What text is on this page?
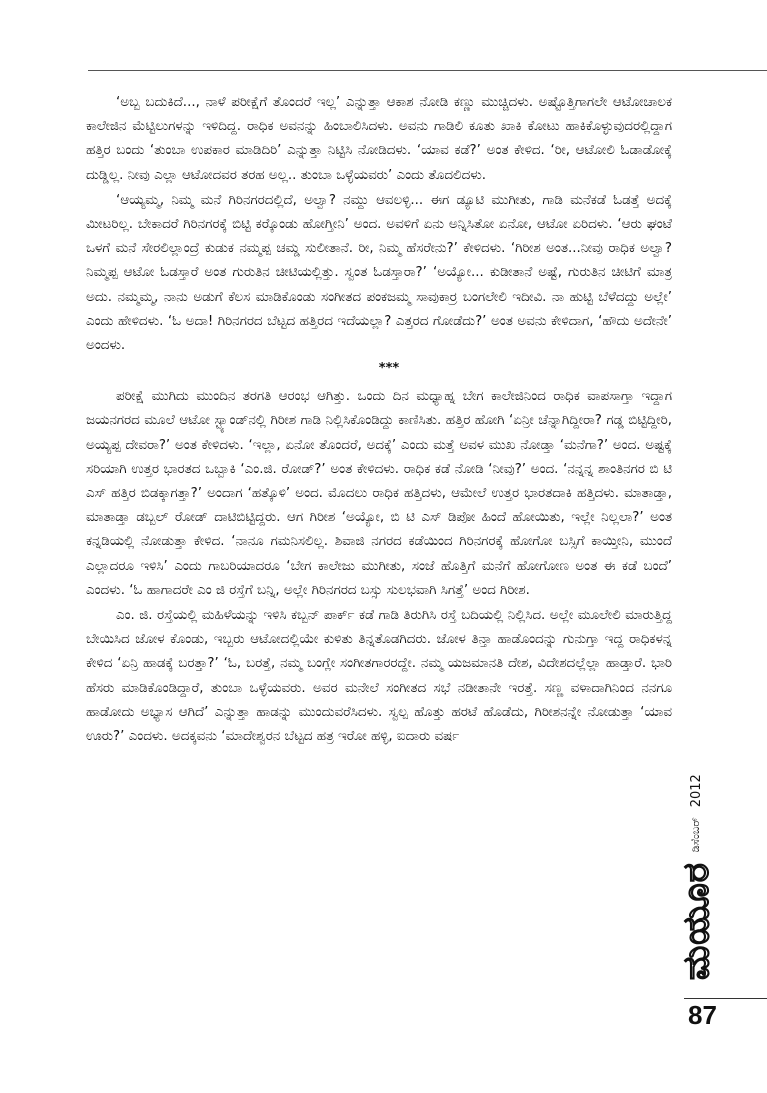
‘ಅಬ್ಬ ಬದುಕಿದೆ..., ನಾಳೆ ಪರೀಕ್ಷೆಗೆ ತೊಂದರೆ ಇಲ್ಲ’ ಎನ್ನುತ್ತಾ ಆಕಾಶ ನೋಡಿ ಕಣ್ಣು ಮುಚ್ಚಿದಳು. ಅಷ್ಟೊತ್ತಿಗಾಗಲೇ ಆಟೋಚಾಲಕ ಕಾಲೇಜಿನ ಮೆಟ್ಟಿಲುಗಳನ್ನು ಇಳಿದಿದ್ದ. ರಾಧಿಕ ಅವನನ್ನು ಹಿಂಬಾಲಿಸಿದಳು. ಅವನು ಗಾಡಿಲಿ ಕೂತು ಖಾಕಿ ಕೋಟು ಹಾಕಿಕೊಳ್ಳುವುದರಲ್ಲಿದ್ದಾಗ ಹತ್ತಿರ ಬಂದು ‘ತುಂಬಾ ಉಪಕಾರ ಮಾಡಿದಿರಿ’ ಎನ್ನುತ್ತಾ ನಿಟ್ಟಿಸಿ ನೋಡಿದಳು. ‘ಯಾವ ಕಡೆ?’ ಅಂತ ಕೇಳಿದ. ‘ರೀ, ಆಟೋಲಿ ಓಡಾಡೋಕ್ಕೆ ದುಡ್ಡಿಲ್ಲ. ನೀವು ಎಲ್ಲಾ ಆಟೋದವರ ತರಹ ಅಲ್ಲ.. ತುಂಬಾ ಒಳ್ಳೆಯವರು’ ಎಂದು ತೊದಲಿದಳು.

‘ಆಯ್ಯಮ್ಮ, ನಿಮ್ಮ ಮನೆ ಗಿರಿನಗರದಲ್ಲಿದೆ, ಅಲ್ವಾ? ನಮ್ದು ಆವಲಳ್ಳಿ... ಈಗ ಡ್ಯೂಟಿ ಮುಗೀತು, ಗಾಡಿ ಮನೆಕಡೆ ಓಡತ್ತೆ ಅದಕ್ಕೆ ಮೀಟರಿಲ್ಲ. ಬೇಕಾದರೆ ಗಿರಿನಗರಕ್ಕೆ ಬಿಟ್ಟಿ ಕರ್‍ಕೊಂಡು ಹೋಗ್ತೀನಿ’ ಅಂದ. ಅವಳಿಗೆ ಏನು ಅನ್ನಿಸಿತೋ ಏನೋ, ಆಟೋ ಏರಿದಳು. ‘ಆರು ಘಂಟೆ ಒಳಗೆ ಮನೆ ಸೇರಲಿಲ್ಲಾಂದ್ರೆ ಕುಡುಕ ನಮ್ಮಪ್ಪ ಚಮ್ಡ ಸುಲೀತಾನೆ. ರೀ, ನಿಮ್ಮ ಹೆಸರೇನು?’ ಕೇಳಿದಳು. ‘ಗಿರೀಶ ಅಂತ...ನೀವು ರಾಧಿಕ ಅಲ್ವಾ? ನಿಮ್ಮಪ್ಪ ಆಟೋ ಓಡಸ್ತಾರೆ ಅಂತ ಗುರುತಿನ ಚೀಟಿಯಲ್ಲಿತ್ತು. ಸ್ವಂತ ಓಡಸ್ತಾರಾ?’ ‘ಅಯ್ಯೋ... ಕುಡೀತಾನೆ ಅಷ್ಟೆ, ಗುರುತಿನ ಚೀಟಿಗೆ ಮಾತ್ರ ಅದು. ನಮ್ಮಮ್ಮ, ನಾನು ಅಡುಗೆ ಕೆಲಸ ಮಾಡಿಕೊಂಡು ಸಂಗೀತದ ಪಂಕಜಮ್ಮ ಸಾವುಕಾರ್ರ ಬಂಗಲೇಲಿ ಇದೀವಿ. ನಾ ಹುಟ್ಟಿ ಬೆಳೆದದ್ದು ಅಲ್ಲೇ’ ಎಂದು ಹೇಳಿದಳು. ‘ಓ ಅದಾ! ಗಿರಿನಗರದ ಬೆಟ್ಟದ ಹತ್ತಿರದ ಇದೆಯಲ್ಲಾ? ಎತ್ತರದ ಗೋಡೆದು?’ ಅಂತ ಅವನು ಕೇಳಿದಾಗ, ‘ಹೌದು ಅದೇನೇ’ ಅಂದಳು.

***

ಪರೀಕ್ಷೆ ಮುಗಿದು ಮುಂದಿನ ತರಗತಿ ಆರಂಭ ಆಗಿತ್ತು. ಒಂದು ದಿನ ಮಧ್ಯಾಹ್ನ ಬೇಗ ಕಾಲೇಜಿನಿಂದ ರಾಧಿಕ ವಾಪಸಾಗ್ತಾ ಇದ್ದಾಗ ಜಯನಗರದ ಮೂಲೆ ಆಟೋ ಸ್ಟ್ಯಾಂಡ್‌ನಲ್ಲಿ ಗಿರೀಶ ಗಾಡಿ ನಿಲ್ಲಿಸಿಕೊಂಡಿದ್ದು ಕಾಣಿಸಿತು. ಹತ್ತಿರ ಹೋಗಿ ‘ಏನ್ರೀ ಚೆನ್ನಾಗಿದ್ದೀರಾ? ಗಡ್ಡ ಬಿಟ್ಟಿದ್ದೀರಿ, ಅಯ್ಯಪ್ಪ ದೇವರಾ?’ ಅಂತ ಕೇಳಿದಳು. ‘ಇಲ್ಲಾ, ಏನೋ ತೊಂದರೆ, ಅದಕ್ಕೆ’ ಎಂದು ಮತ್ತೆ ಅವಳ ಮುಖ ನೋಡ್ತಾ ‘ಮನೆಗಾ?’ ಅಂದ. ಅಷ್ಟಕ್ಕೆ ಸರಿಯಾಗಿ ಉತ್ತರ ಭಾರತದ ಒಬ್ಬಾಕಿ ‘ಎಂ.ಜಿ. ರೋಡ್?’ ಅಂತ ಕೇಳಿದಳು. ರಾಧಿಕ ಕಡೆ ನೋಡಿ ‘ನೀವು?’ ಅಂದ. ‘ನನ್ನನ್ನ ಶಾಂತಿನಗರ ಬಿ ಟಿ ಎಸ್ ಹತ್ತಿರ ಬಿಡಕ್ಕಾಗತ್ತಾ?’ ಅಂದಾಗ ‘ಹತ್ಕೊಳಿ’ ಅಂದ. ಮೊದಲು ರಾಧಿಕ ಹತ್ತಿದಳು, ಆಮೇಲೆ ಉತ್ತರ ಭಾರತದಾಕಿ ಹತ್ತಿದಳು. ಮಾತಾಡ್ತಾ, ಮಾತಾಡ್ತಾ ಡಬ್ಬಲ್ ರೋಡ್ ದಾಟಿಬಿಟ್ಟಿದ್ದರು. ಆಗ ಗಿರೀಶ ‘ಅಯ್ಯೋ, ಬಿ ಟಿ ಎಸ್ ಡಿಪೋ ಹಿಂದೆ ಹೋಯಿತು, ಇಲ್ಲೇ ನಿಲ್ಲಲಾ?’ ಅಂತ ಕನ್ನಡಿಯಲ್ಲಿ ನೋಡುತ್ತಾ ಕೇಳಿದ. ‘ನಾನೂ ಗಮನಿಸಲಿಲ್ಲ. ಶಿವಾಜಿ ನಗರದ ಕಡೆಯಿಂದ ಗಿರಿನಗರಕ್ಕೆ ಹೋಗೋ ಬಸ್ಸಿಗೆ ಕಾಯ್ತೀನಿ, ಮುಂದೆ ಎಲ್ಲಾದರೂ ಇಳಿಸಿ’ ಎಂದು ಗಾಬರಿಯಾದರೂ ‘ಬೇಗ ಕಾಲೇಜು ಮುಗೀತು, ಸಂಜೆ ಹೊತ್ತಿಗೆ ಮನೆಗೆ ಹೋಗೋಣ ಅಂತ ಈ ಕಡೆ ಬಂದೆ’ ಎಂದಳು. ‘ಓ ಹಾಗಾದರೇ ಎಂ ಜಿ ರಸ್ತೆಗೆ ಬನ್ನಿ, ಅಲ್ಲೇ ಗಿರಿನಗರದ ಬಸ್ಸು ಸುಲಭವಾಗಿ ಸಿಗತ್ತೆ’ ಅಂದ ಗಿರೀಶ.

ಎಂ. ಜಿ. ರಸ್ತೆಯಲ್ಲಿ ಮಹಿಳೆಯನ್ನು ಇಳಿಸಿ ಕಬ್ಬನ್ ಪಾರ್ಕ್ ಕಡೆ ಗಾಡಿ ತಿರುಗಿಸಿ ರಸ್ತೆ ಬದಿಯಲ್ಲಿ ನಿಲ್ಲಿಸಿದ. ಅಲ್ಲೇ ಮೂಲೇಲಿ ಮಾರುತ್ತಿದ್ದ ಬೇಯಿಸಿದ ಜೋಳ ಕೊಂಡು, ಇಬ್ಬರು ಆಟೋದಲ್ಲಿಯೇ ಕುಳಿತು ತಿನ್ನತೊಡಗಿದರು. ಜೋಳ ತಿನ್ತಾ ಹಾಡೊಂದನ್ನು ಗುನುಗ್ತಾ ಇದ್ದ ರಾಧಿಕಳನ್ನ ಕೇಳಿದ ‘ಏನ್ರಿ ಹಾಡಕ್ಕೆ ಬರತ್ತಾ?’ ‘ಓ, ಬರತ್ತೆ, ನಮ್ಮ ಬಂಗ್ಲೇ ಸಂಗೀತಗಾರರದ್ದೇ. ನಮ್ಮ ಯಜಮಾನತಿ ದೇಶ, ವಿದೇಶದಲ್ಲೆಲ್ಲಾ ಹಾಡ್ತಾರೆ. ಭಾರಿ ಹೆಸರು ಮಾಡಿಕೊಂಡಿದ್ದಾರೆ, ತುಂಬಾ ಒಳ್ಳೆಯವರು. ಅವರ ಮನೇಲೆ ಸಂಗೀತದ ಸಭೆ ನಡೀತಾನೇ ಇರತ್ತೆ. ಸಣ್ಣ ವಳಾದಾಗಿನಿಂದ ನನಗೂ ಹಾಡೋದು ಅಭ್ಯಾಸ ಆಗಿದೆ’ ಎನ್ನುತ್ತಾ ಹಾಡನ್ನು ಮುಂದುವರೆಸಿದಳು. ಸ್ವಲ್ಪ ಹೊತ್ತು ಹರಟೆ ಹೊಡೆದು, ಗಿರೀಶನನ್ನೇ ನೋಡುತ್ತಾ ‘ಯಾವ ಊರು?’ ಎಂದಳು. ಅದಕ್ಕವನು ‘ಮಾದೇಶ್ವರನ ಬೆಟ್ಟದ ಹತ್ರ ಇರೋ ಹಳ್ಳಿ, ಐದಾರು ವರ್ಷ

ಮಯೂರ
ಡಿಸೆಂಬರ್
2012
87
